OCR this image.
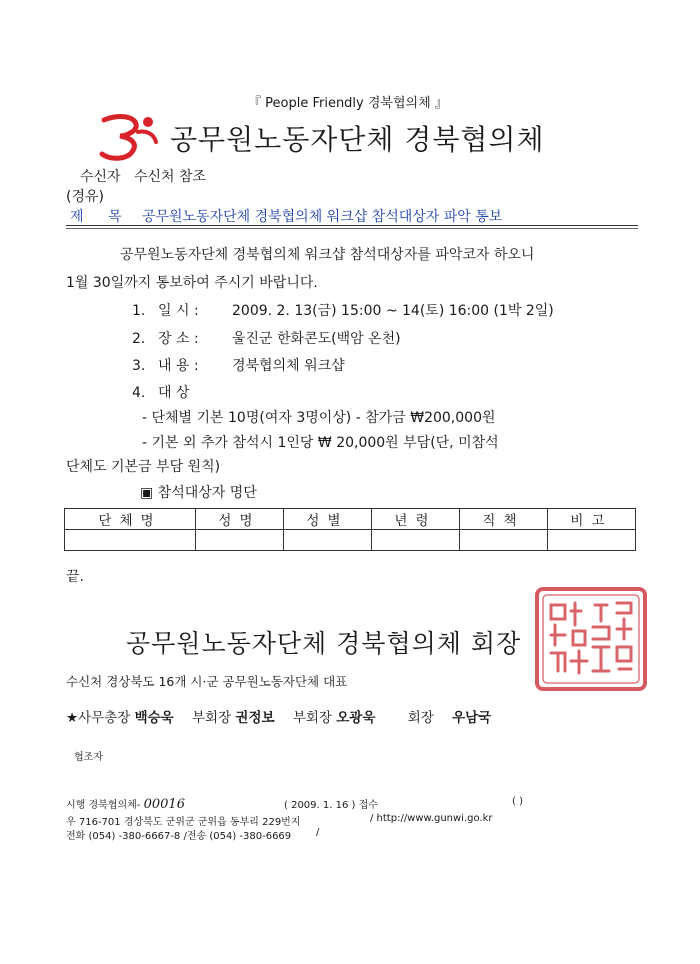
『 People Friendly 경북협의체 』
공무원노동자단체 경북협의체
수신자 수신처 참조
(경유)
제 목 공무원노동자단체 경북협의체 워크샵 참석대상자 파악 통보
공무원노동자단체 경북협의체 워크샵 참석대상자를 파악코자 하오니
1월 30일까지 통보하여 주시기 바랍니다.
1. 일 시 : 2009. 2. 13(금) 15:00 ~ 14(토) 16:00 (1박 2일)
2. 장 소 : 울진군 한화콘도(백암 온천)
3. 내 용 : 경북협의체 워크샵
4. 대 상
- 단체별 기본 10명(여자 3명이상) - 참가금 ₩200,000원
- 기본 외 추가 참석시 1인당 ₩ 20,000원 부담(단, 미참석
단체도 기본금 부담 원칙)
▣ 참석대상자 명단
단체명	성명	성별	년령	직책	비고

끝.
공무원노동자단체 경북협의체 회장
수신처 경상북도 16개 시·군 공무원노동자단체 대표
★사무총장 백승욱 부회장 권정보 부회장 오광욱 회장 우남국
협조자
시행 경북협의체- 00016	( 2009. 1. 16 ) 접수	( )
우 716-701 경상북도 군위군 군위읍 동부리 229번지	/ http://www.gunwi.go.kr
전화 (054) -380-6667-8 /전송 (054) -380-6669 /
